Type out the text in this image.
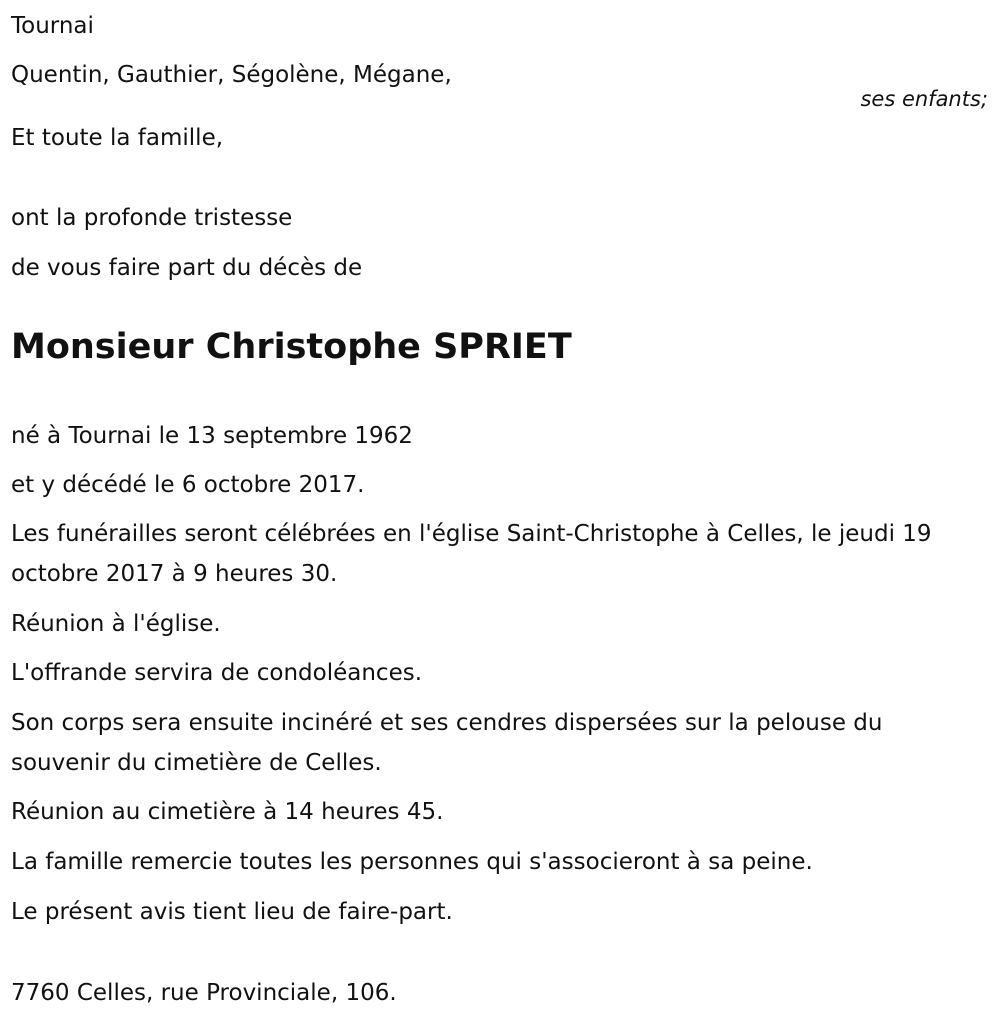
Tournai
Quentin, Gauthier, Ségolène, Mégane,
ses enfants;
Et toute la famille,
ont la profonde tristesse
de vous faire part du décès de
Monsieur Christophe SPRIET
né à Tournai le 13 septembre 1962
et y décédé le 6 octobre 2017.
Les funérailles seront célébrées en l'église Saint-Christophe à Celles, le jeudi 19 octobre 2017 à 9 heures 30.
Réunion à l'église.
L'offrande servira de condoléances.
Son corps sera ensuite incinéré et ses cendres dispersées sur la pelouse du souvenir du cimetière de Celles.
Réunion au cimetière à 14 heures 45.
La famille remercie toutes les personnes qui s'associeront à sa peine.
Le présent avis tient lieu de faire-part.
7760 Celles, rue Provinciale, 106.
